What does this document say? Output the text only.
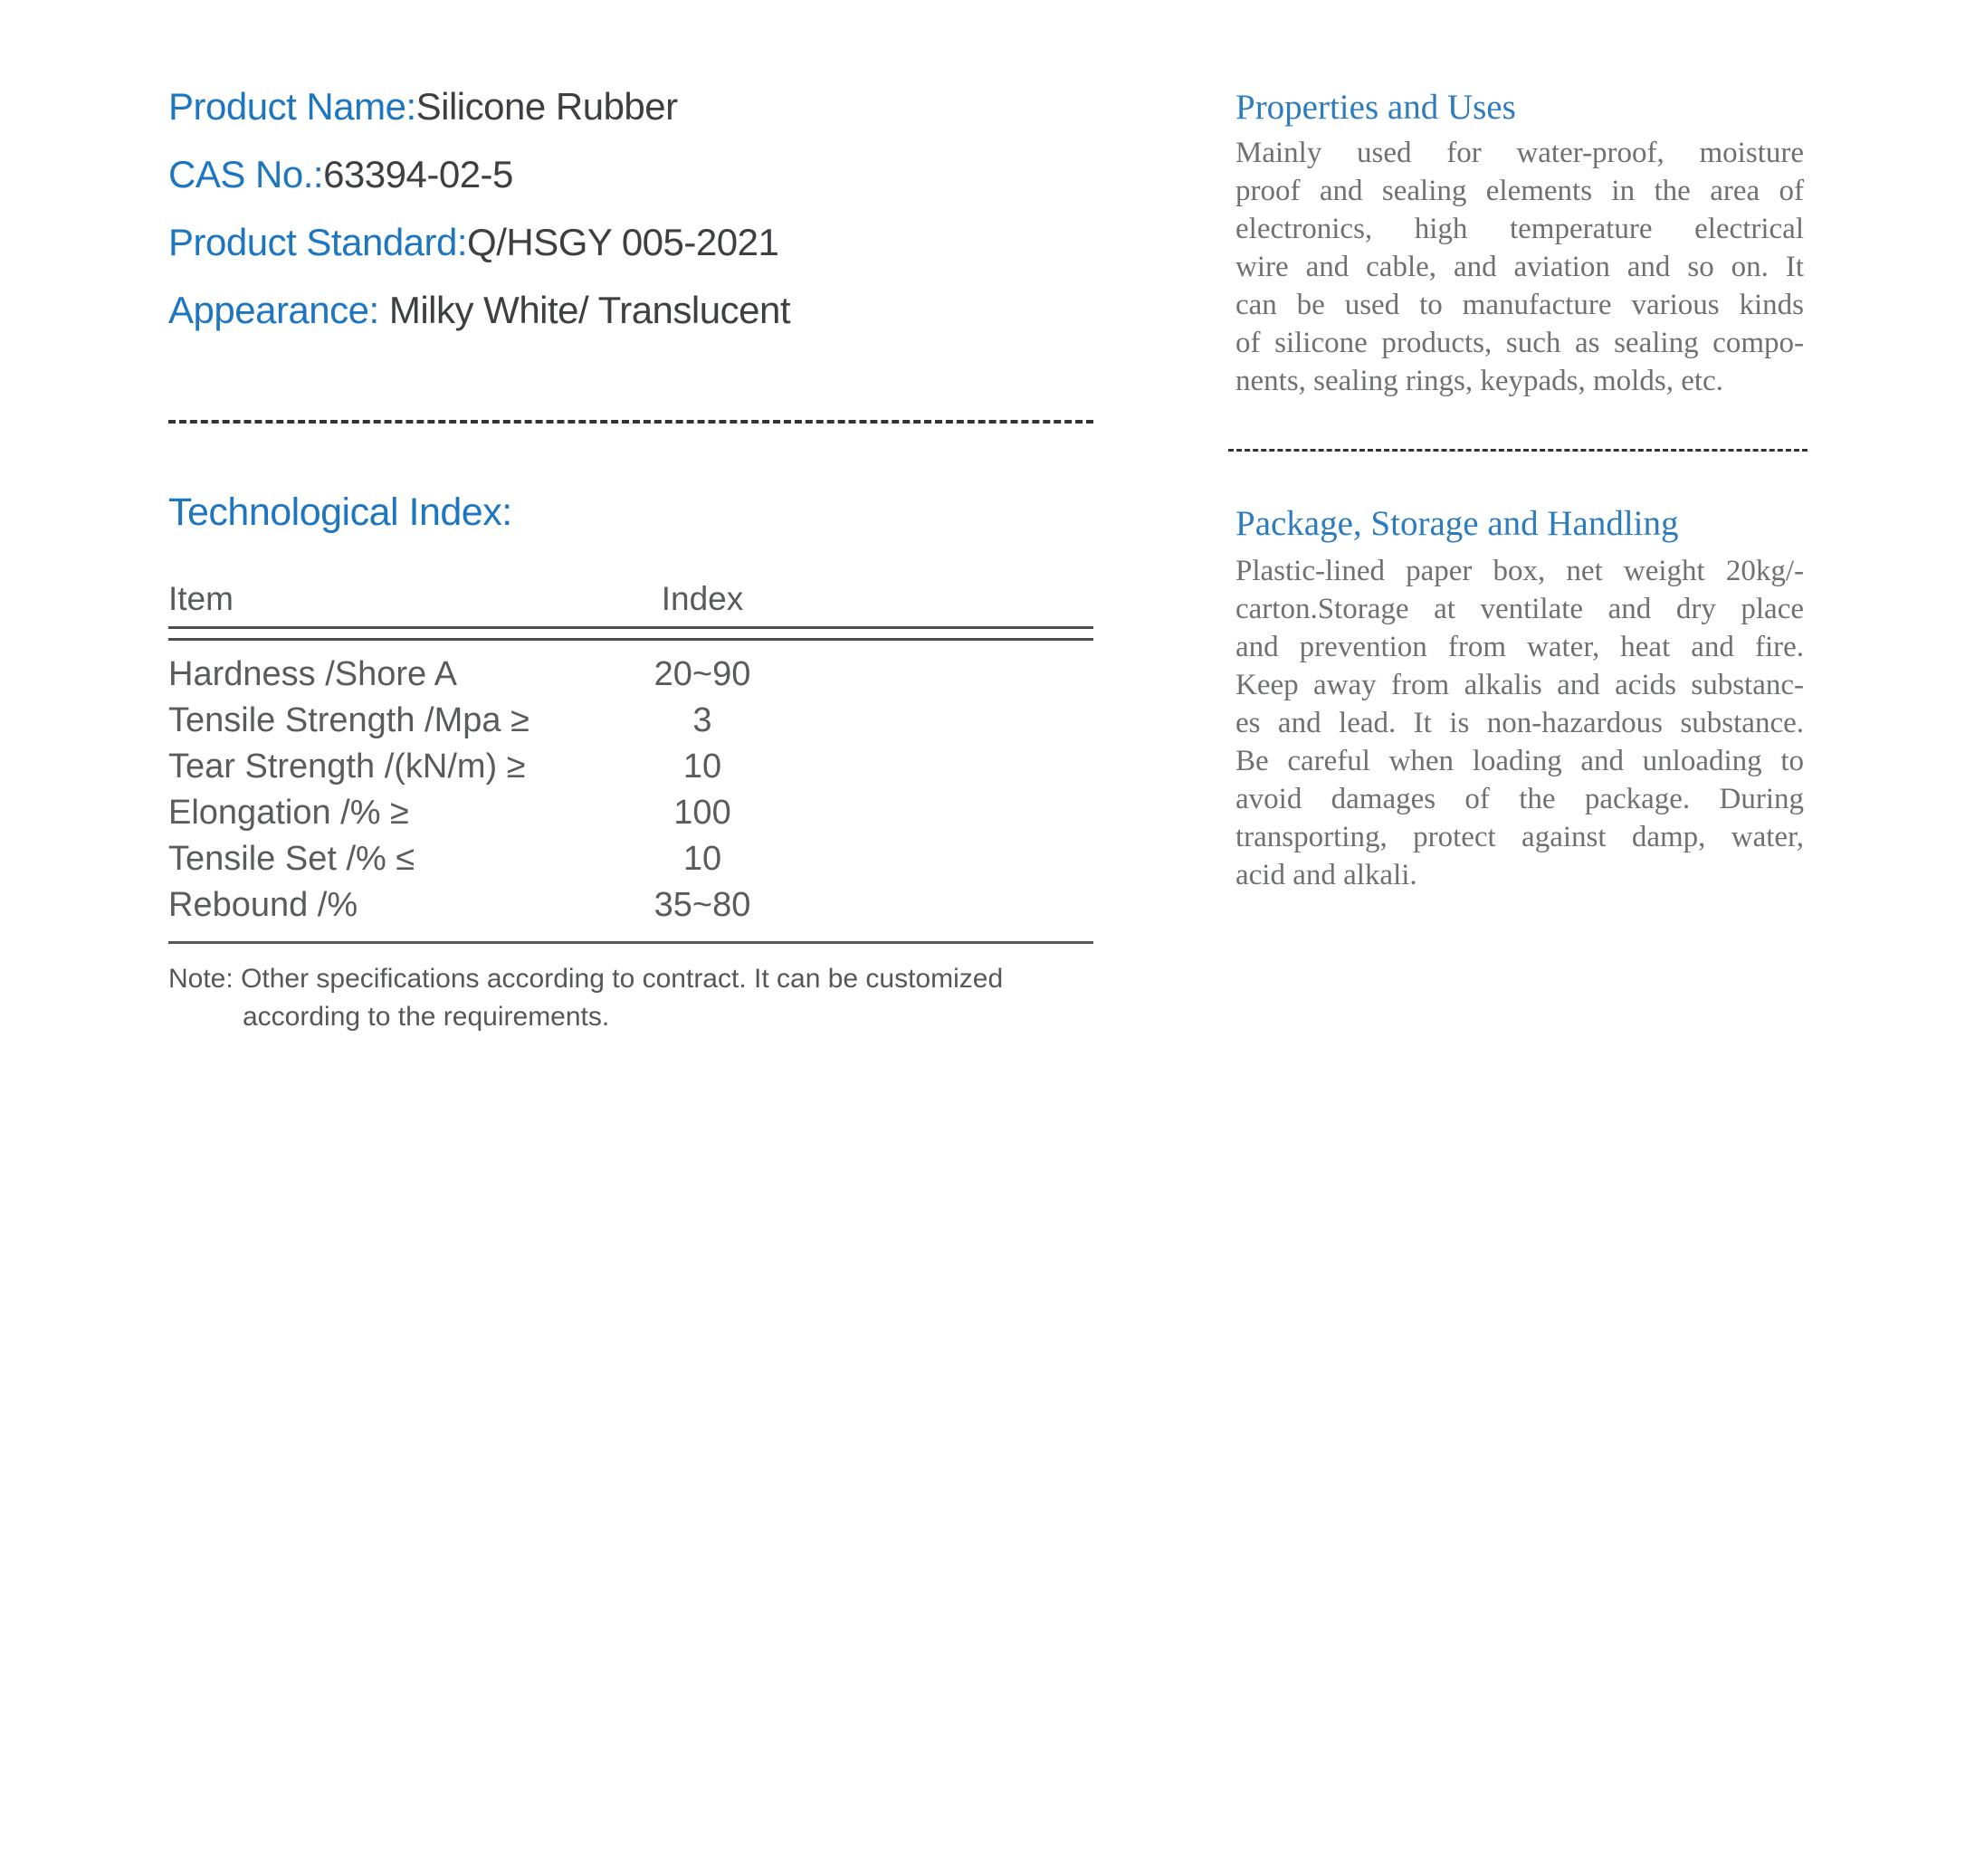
Product Name:Silicone Rubber
CAS No.:63394-02-5
Product Standard:Q/HSGY 005-2021
Appearance: Milky White/ Translucent
Technological Index:
Item	Index
Hardness /Shore A	20~90
Tensile Strength /Mpa ≥	3
Tear Strength /(kN/m) ≥	10
Elongation /% ≥	100
Tensile Set /% ≤	10
Rebound /%	35~80
Note: Other specifications according to contract. It can be customized
according to the requirements.
Properties and Uses
Mainly used for water-proof, moisture
proof and sealing elements in the area of
electronics, high temperature electrical
wire and cable, and aviation and so on. It
can be used to manufacture various kinds
of silicone products, such as sealing compo-
nents, sealing rings, keypads, molds, etc.
Package, Storage and Handling
Plastic-lined paper box, net weight 20kg/-
carton.Storage at ventilate and dry place
and prevention from water, heat and fire.
Keep away from alkalis and acids substanc-
es and lead. It is non-hazardous substance.
Be careful when loading and unloading to
avoid damages of the package. During
transporting, protect against damp, water,
acid and alkali.
